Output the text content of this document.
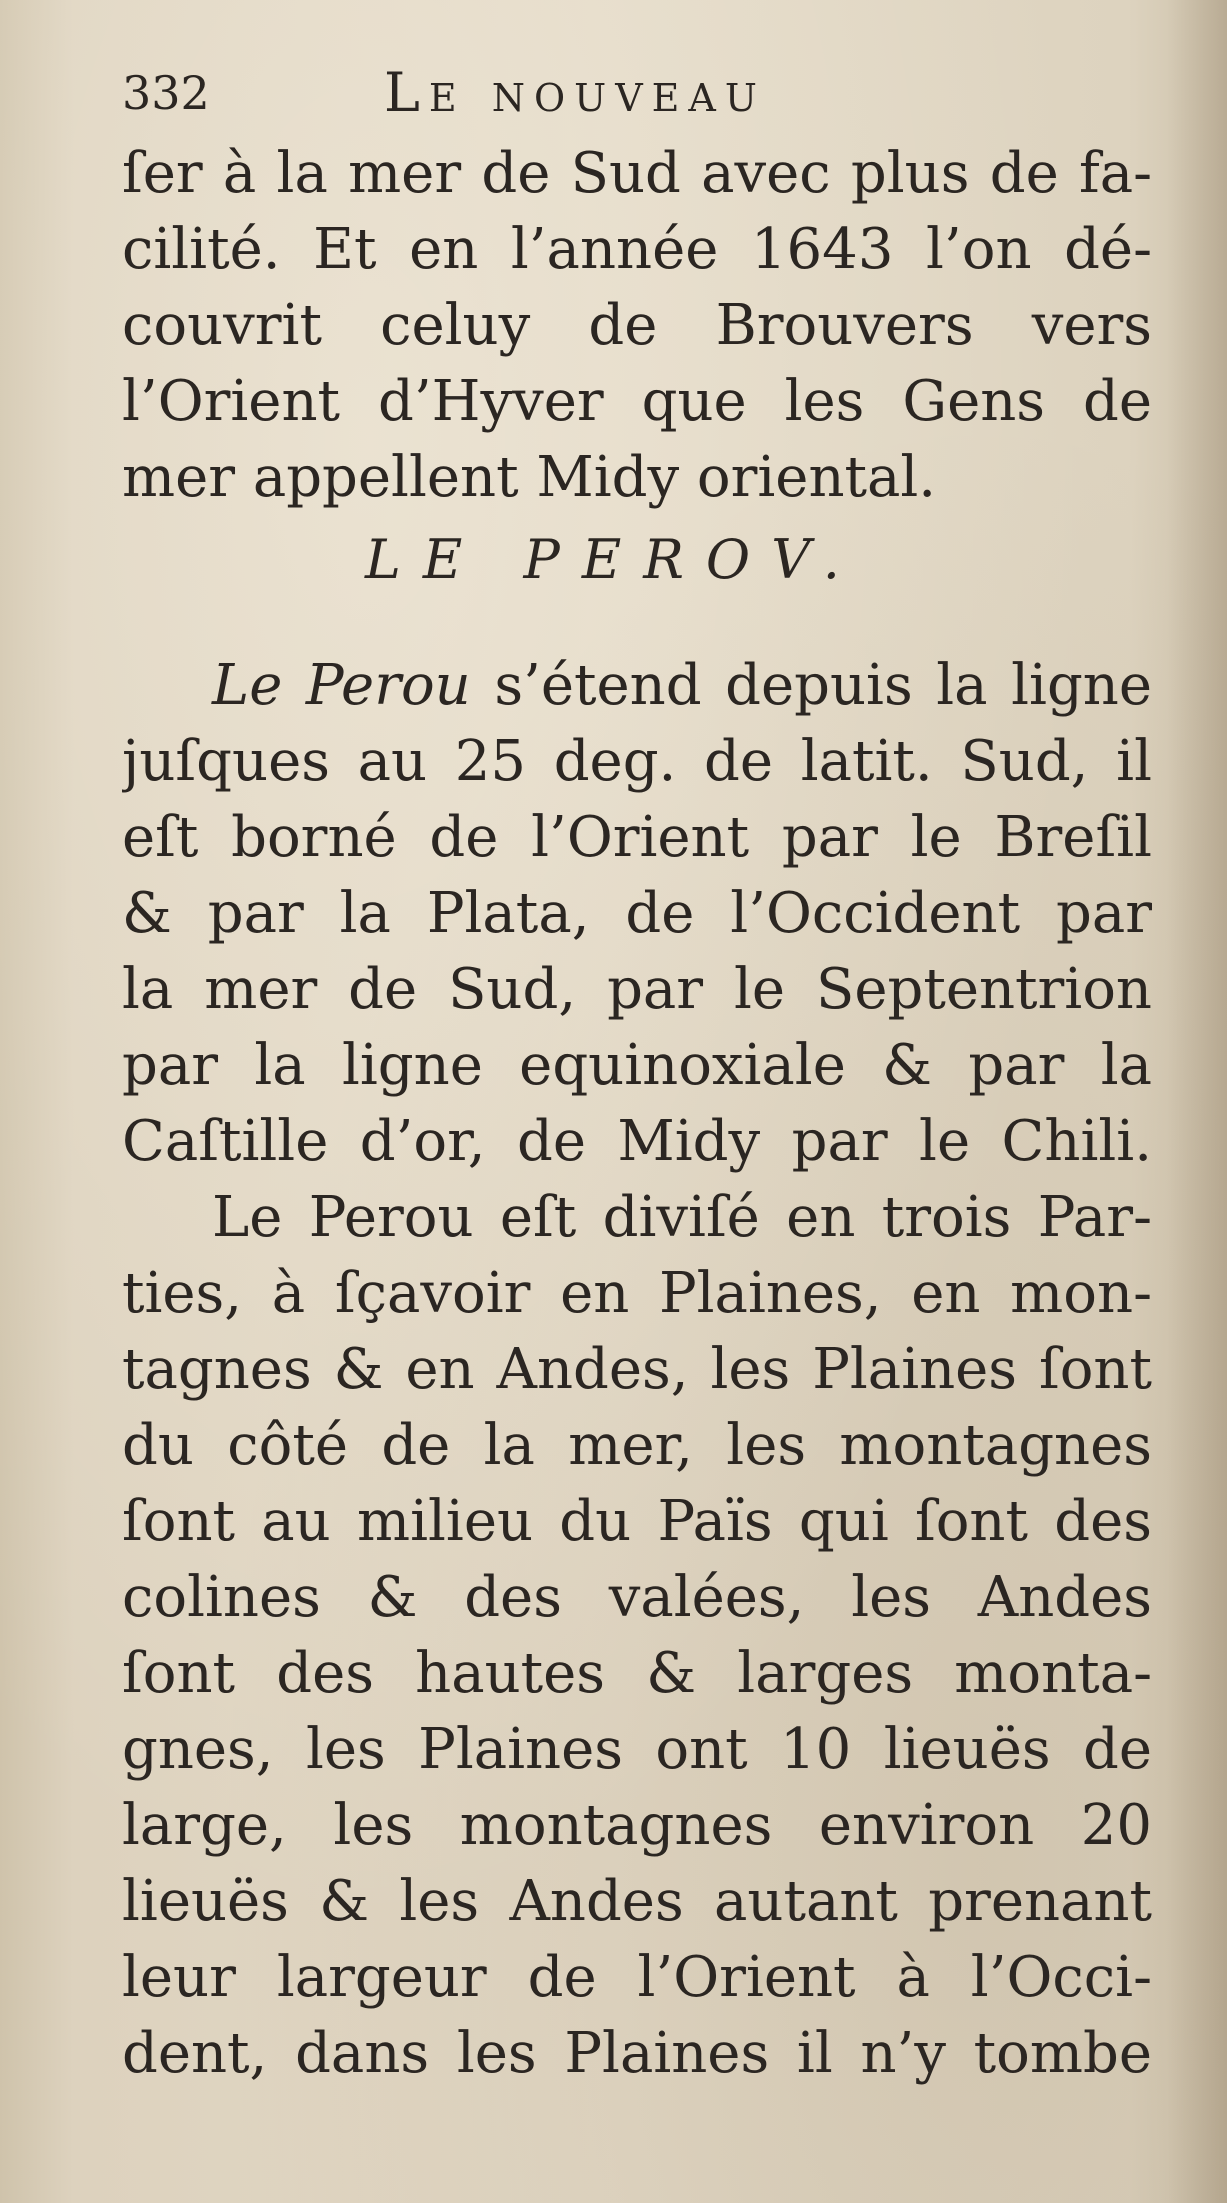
332	Le nouveau
ſer à la mer de Sud avec plus de fa-
cilité. Et en l’année 1643 l’on dé-
couvrit celuy de Brouvers vers
l’Orient d’Hyver que les Gens de
mer appellent Midy oriental.
LE PEROV.
Le Perou s’étend depuis la ligne
juſques au 25 deg. de latit. Sud, il
eſt borné de l’Orient par le Breſil
& par la Plata, de l’Occident par
la mer de Sud, par le Septentrion
par la ligne equinoxiale & par la
Caſtille d’or, de Midy par le Chili.
Le Perou eſt diviſé en trois Par-
ties, à ſçavoir en Plaines, en mon-
tagnes & en Andes, les Plaines ſont
du côté de la mer, les montagnes
ſont au milieu du Païs qui ſont des
colines & des valées, les Andes
ſont des hautes & larges monta-
gnes, les Plaines ont 10 lieuës de
large, les montagnes environ 20
lieuës & les Andes autant prenant
leur largeur de l’Orient à l’Occi-
dent, dans les Plaines il n’y tombe
